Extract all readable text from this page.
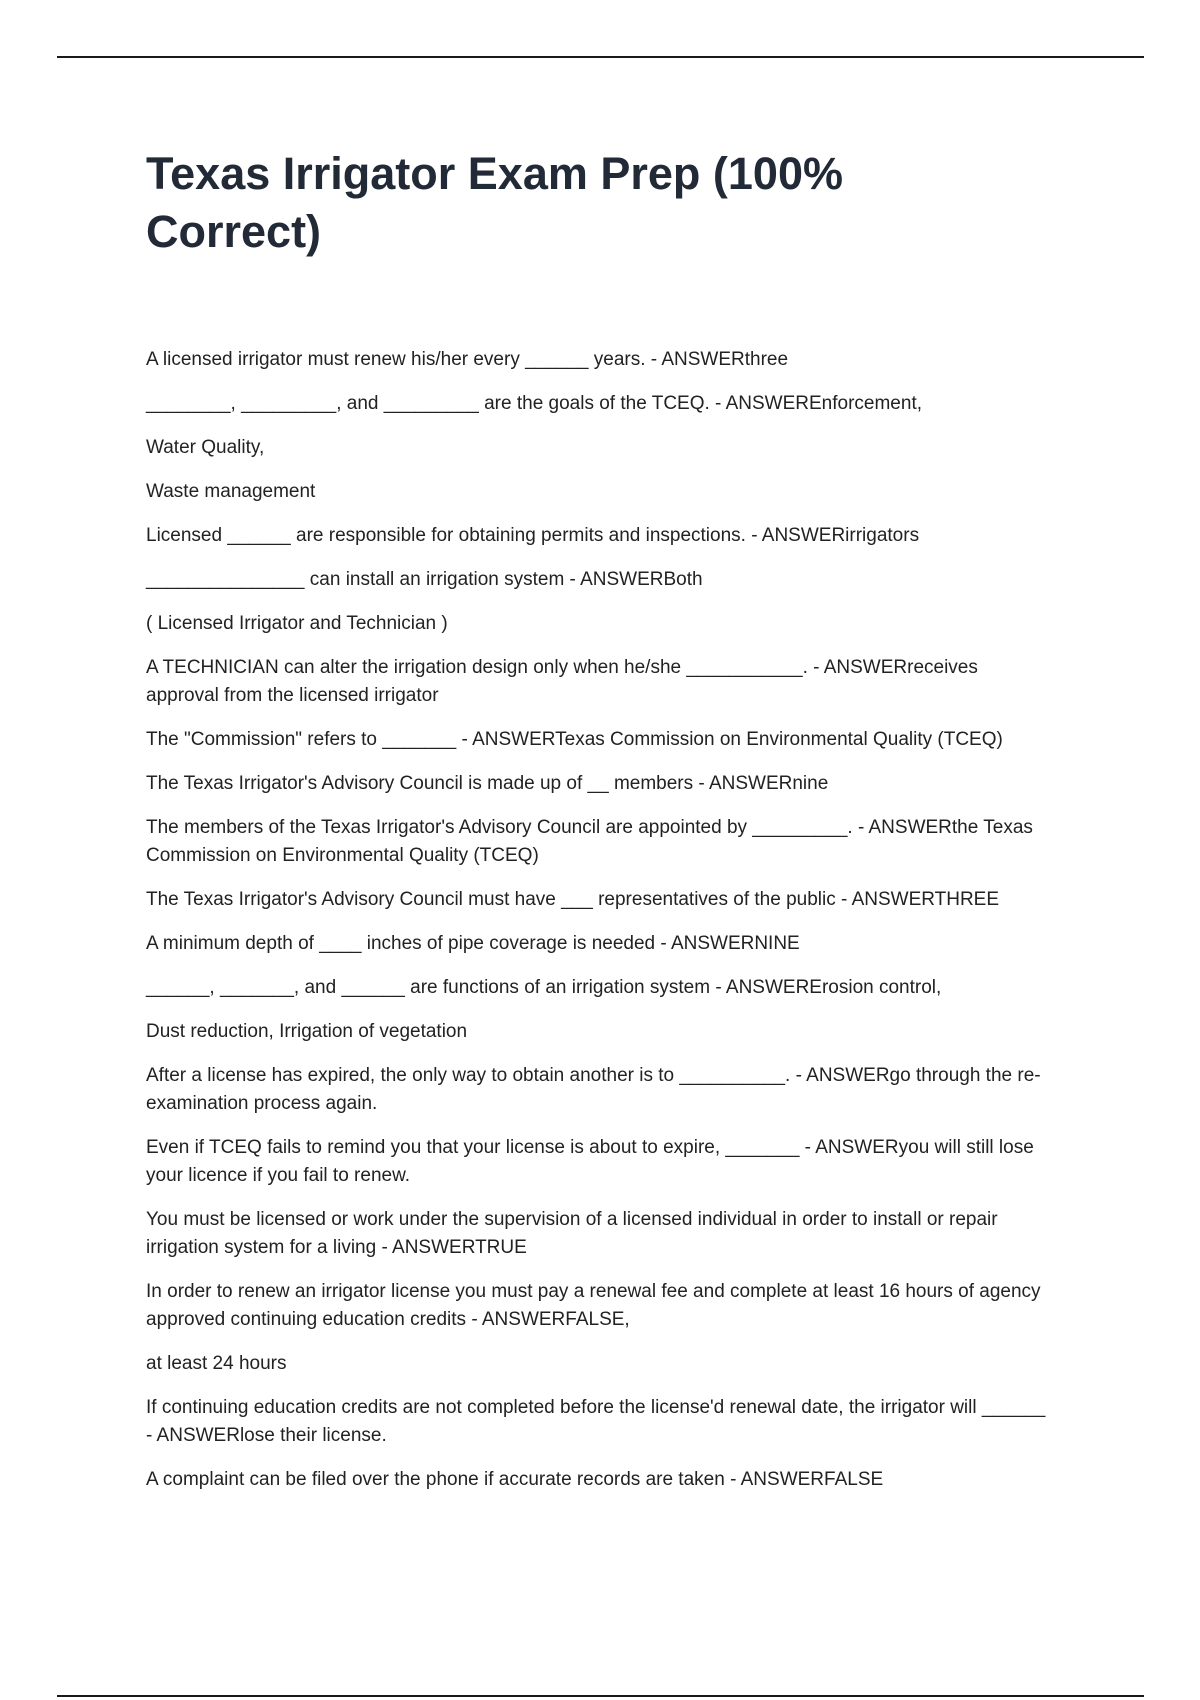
Texas Irrigator Exam Prep (100% Correct)

A licensed irrigator must renew his/her every ______ years. - ANSWERthree

________, _________, and _________ are the goals of the TCEQ. - ANSWEREnforcement,

Water Quality,

Waste management

Licensed ______ are responsible for obtaining permits and inspections. - ANSWERirrigators

_______________ can install an irrigation system - ANSWERBoth

( Licensed Irrigator and Technician )

A TECHNICIAN can alter the irrigation design only when he/she ___________. - ANSWERreceives approval from the licensed irrigator

The "Commission" refers to _______ - ANSWERTexas Commission on Environmental Quality (TCEQ)

The Texas Irrigator's Advisory Council is made up of __ members - ANSWERnine

The members of the Texas Irrigator's Advisory Council are appointed by _________. - ANSWERthe Texas Commission on Environmental Quality (TCEQ)

The Texas Irrigator's Advisory Council must have ___ representatives of the public - ANSWERTHREE

A minimum depth of ____ inches of pipe coverage is needed - ANSWERNINE

______, _______, and ______ are functions of an irrigation system - ANSWERErosion control,

Dust reduction, Irrigation of vegetation

After a license has expired, the only way to obtain another is to __________. - ANSWERgo through the re-examination process again.

Even if TCEQ fails to remind you that your license is about to expire, _______ - ANSWERyou will still lose your licence if you fail to renew.

You must be licensed or work under the supervision of a licensed individual in order to install or repair irrigation system for a living - ANSWERTRUE

In order to renew an irrigator license you must pay a renewal fee and complete at least 16 hours of agency approved continuing education credits - ANSWERFALSE,

at least 24 hours

If continuing education credits are not completed before the license'd renewal date, the irrigator will ______ - ANSWERlose their license.

A complaint can be filed over the phone if accurate records are taken - ANSWERFALSE
